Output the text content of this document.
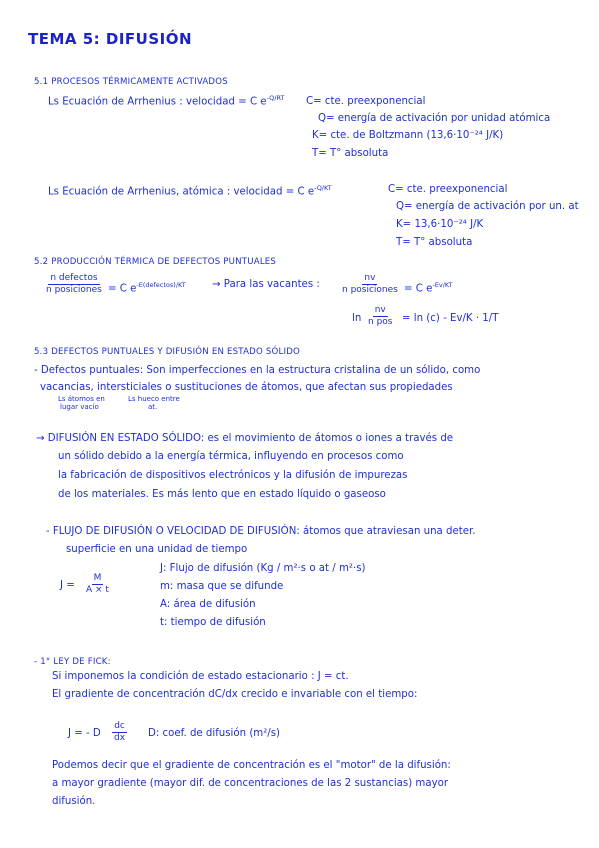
TEMA 5: DIFUSIÓN
5.1 PROCESOS TÉRMICAMENTE ACTIVADOS
Ls Ecuación de Arrhenius : velocidad = C $e^{-Q/RT}$ C= cte. preexponencial
Q= energía de activación por unidad atómica
K= cte. de Boltzmann (13,6·10⁻²⁴ J/K)
T= T° absoluta
Ls Ecuación de Arrhenius, atómica : velocidad = C $e^{-Q/KT}$	C= cte. preexponencial
Q= energía de activación por un. at
K= 13,6·10⁻²⁴ J/K
T= T° absoluta
5.2 PRODUCCIÓN TÉRMICA DE DEFECTOS PUNTUALES
n defectos
n posiciones = C $e^{-E(defectos)/KT}$	→ Para las vacantes :
nv
n posiciones = C $e^{-Ev/KT}$
ln
nv
n pos = ln (c) - Ev/K · 1/T
5.3 DEFECTOS PUNTUALES Y DIFUSIÓN EN ESTADO SÓLIDO
- Defectos puntuales: Son imperfecciones en la estructura cristalina de un sólido, como
vacancias, intersticiales o sustituciones de átomos, que afectan sus propiedades
Ls átomos en
lugar vacío
Ls hueco entre
at.
→ DIFUSIÓN EN ESTADO SÓLIDO: es el movimiento de átomos o iones a través de
un sólido debido a la energía térmica, influyendo en procesos como
la fabricación de dispositivos electrónicos y la difusión de impurezas
de los materiales. Es más lento que en estado líquido o gaseoso
- FLUJO DE DIFUSIÓN O VELOCIDAD DE DIFUSIÓN: átomos que atraviesan una deter.
superficie en una unidad de tiempo
$J = \frac{M}{A \times t}$
J: Flujo de difusión (Kg / m²·s o at / m²·s)
m: masa que se difunde
A: área de difusión
t: tiempo de difusión
- 1° LEY DE FICK:
Si imponemos la condición de estado estacionario : J = ct.
El gradiente de concentración dC/dx crecido e invariable con el tiempo:
J = - D $\frac{dc}{dx} D$: coef. de difusión (m²/s)
Podemos decir que el gradiente de concentración es el "motor" de la difusión:
a mayor gradiente (mayor dif. de concentraciones de las 2 sustancias) mayor
difusión.
